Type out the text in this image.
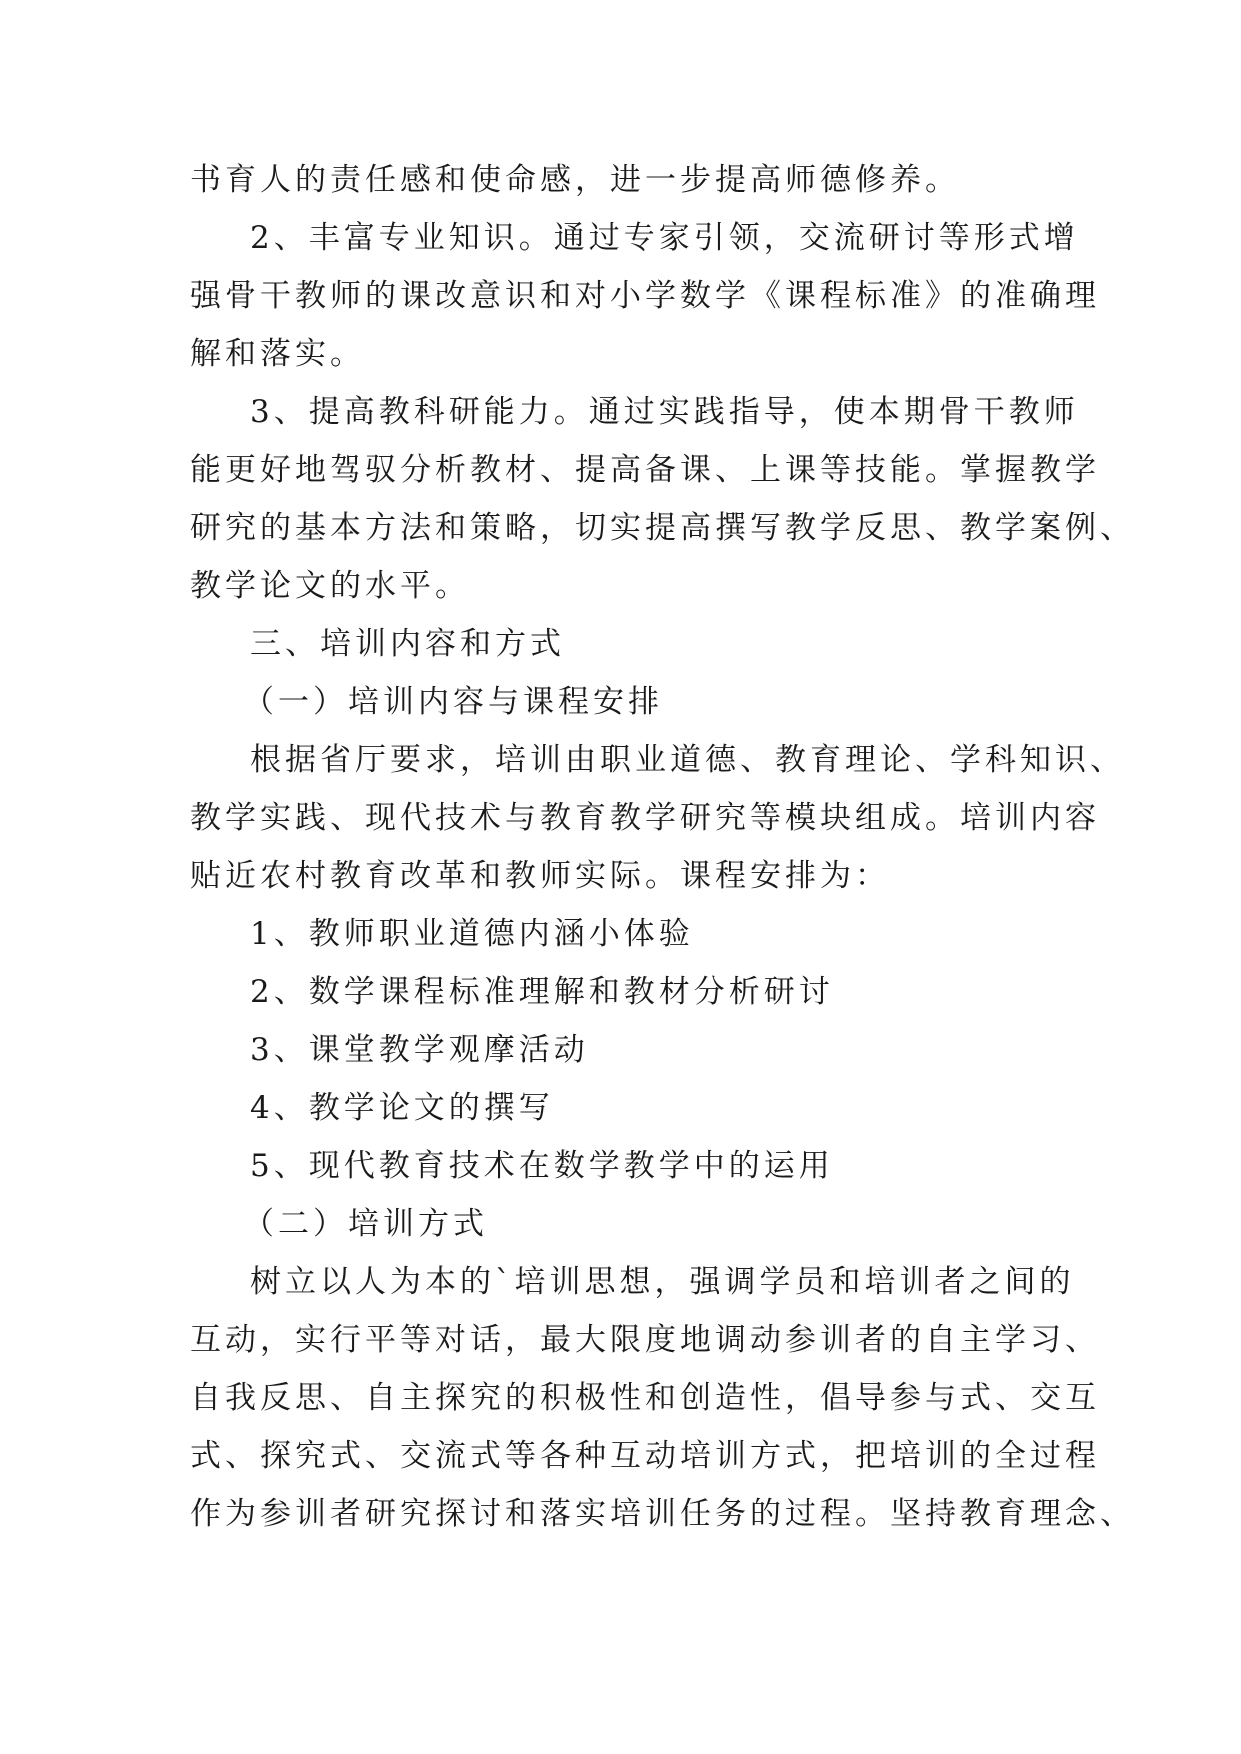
书育人的责任感和使命感，进一步提高师德修养。
2、丰富专业知识。通过专家引领，交流研讨等形式增
强骨干教师的课改意识和对小学数学《课程标准》的准确理
解和落实。
3、提高教科研能力。通过实践指导，使本期骨干教师
能更好地驾驭分析教材、提高备课、上课等技能。掌握教学
研究的基本方法和策略，切实提高撰写教学反思、教学案例、
教学论文的水平。
三、培训内容和方式
（一）培训内容与课程安排
根据省厅要求，培训由职业道德、教育理论、学科知识、
教学实践、现代技术与教育教学研究等模块组成。培训内容
贴近农村教育改革和教师实际。课程安排为：
1、教师职业道德内涵小体验
2、数学课程标准理解和教材分析研讨
3、课堂教学观摩活动
4、教学论文的撰写
5、现代教育技术在数学教学中的运用
（二）培训方式
树立以人为本的`培训思想，强调学员和培训者之间的
互动，实行平等对话，最大限度地调动参训者的自主学习、
自我反思、自主探究的积极性和创造性，倡导参与式、交互
式、探究式、交流式等各种互动培训方式，把培训的全过程
作为参训者研究探讨和落实培训任务的过程。坚持教育理念、
